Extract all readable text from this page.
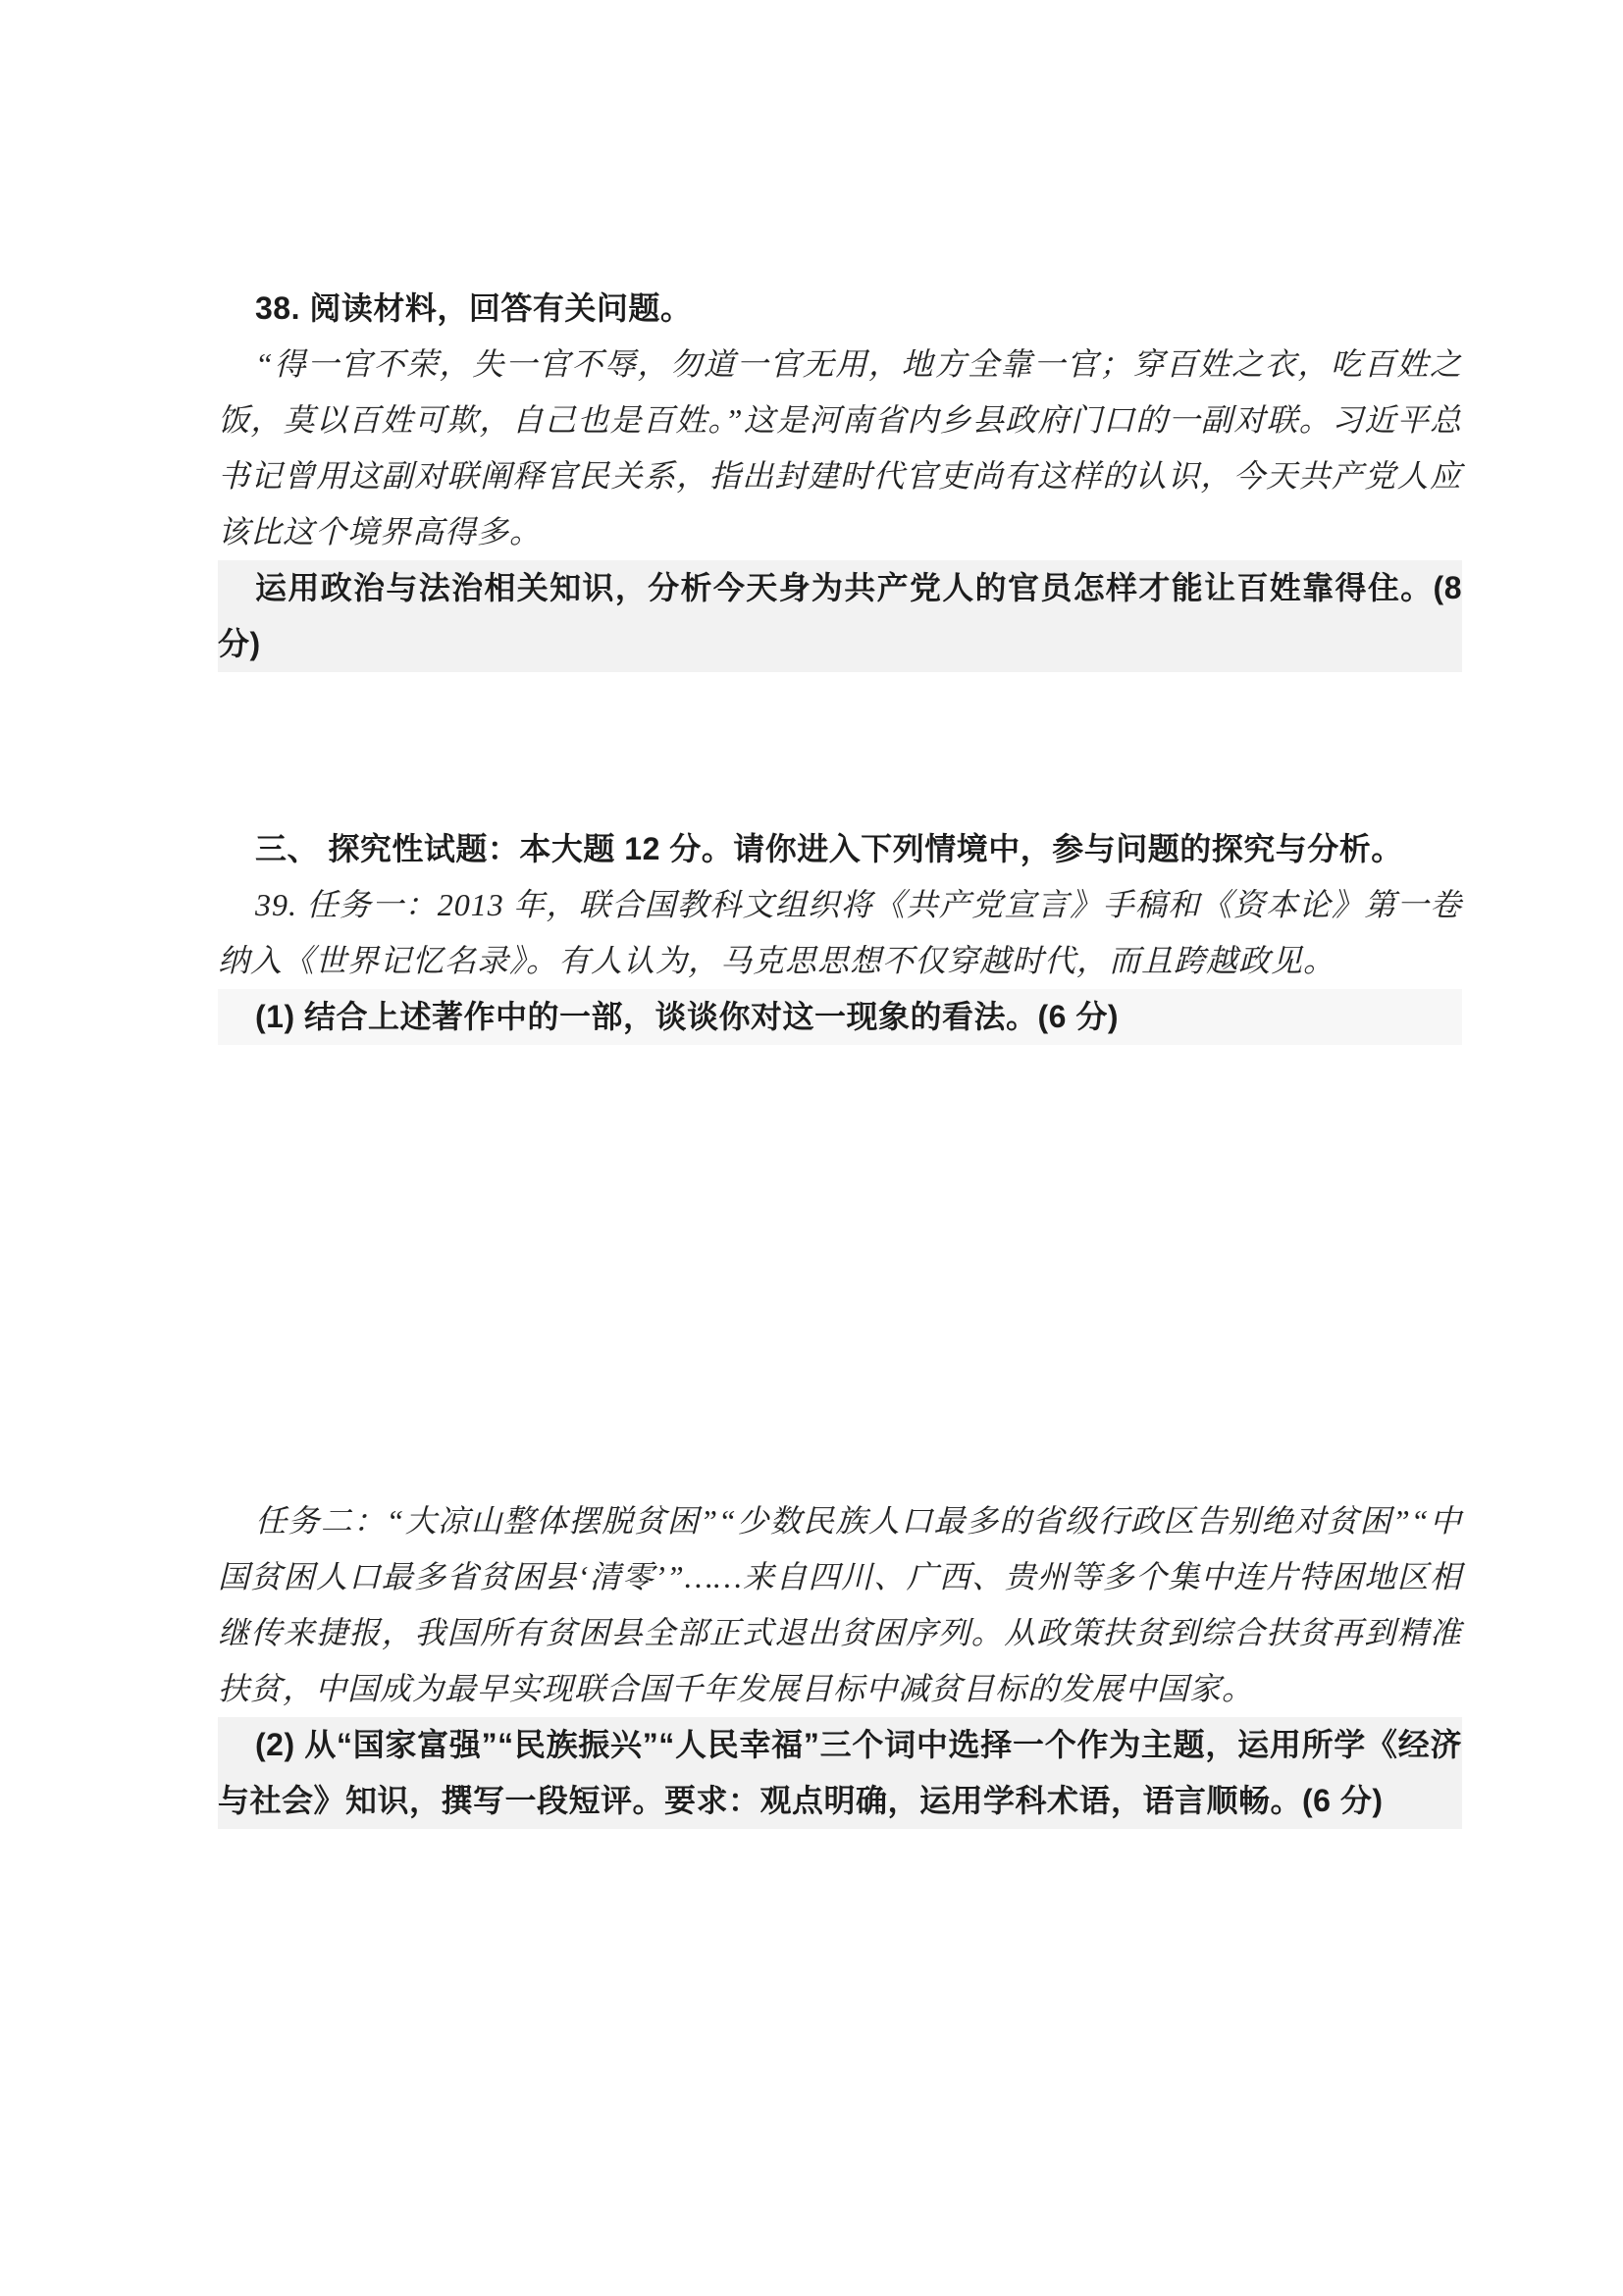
38. 阅读材料，回答有关问题。

“得一官不荣，失一官不辱，勿道一官无用，地方全靠一官；穿百姓之衣，吃百姓之饭，莫以百姓可欺，自己也是百姓。”这是河南省内乡县政府门口的一副对联。习近平总书记曾用这副对联阐释官民关系，指出封建时代官吏尚有这样的认识，今天共产党人应该比这个境界高得多。

运用政治与法治相关知识，分析今天身为共产党人的官员怎样才能让百姓靠得住。(8 分)

三、 探究性试题：本大题 12 分。请你进入下列情境中，参与问题的探究与分析。

39. 任务一：2013 年，联合国教科文组织将《共产党宣言》手稿和《资本论》第一卷纳入《世界记忆名录》。有人认为，马克思思想不仅穿越时代，而且跨越政见。

(1) 结合上述著作中的一部，谈谈你对这一现象的看法。(6 分)

任务二：“大凉山整体摆脱贫困”“少数民族人口最多的省级行政区告别绝对贫困”“中国贫困人口最多省贫困县‘清零’”……来自四川、广西、贵州等多个集中连片特困地区相继传来捷报，我国所有贫困县全部正式退出贫困序列。从政策扶贫到综合扶贫再到精准扶贫，中国成为最早实现联合国千年发展目标中减贫目标的发展中国家。

(2) 从“国家富强”“民族振兴”“人民幸福”三个词中选择一个作为主题，运用所学《经济与社会》知识，撰写一段短评。要求：观点明确，运用学科术语，语言顺畅。(6 分)
